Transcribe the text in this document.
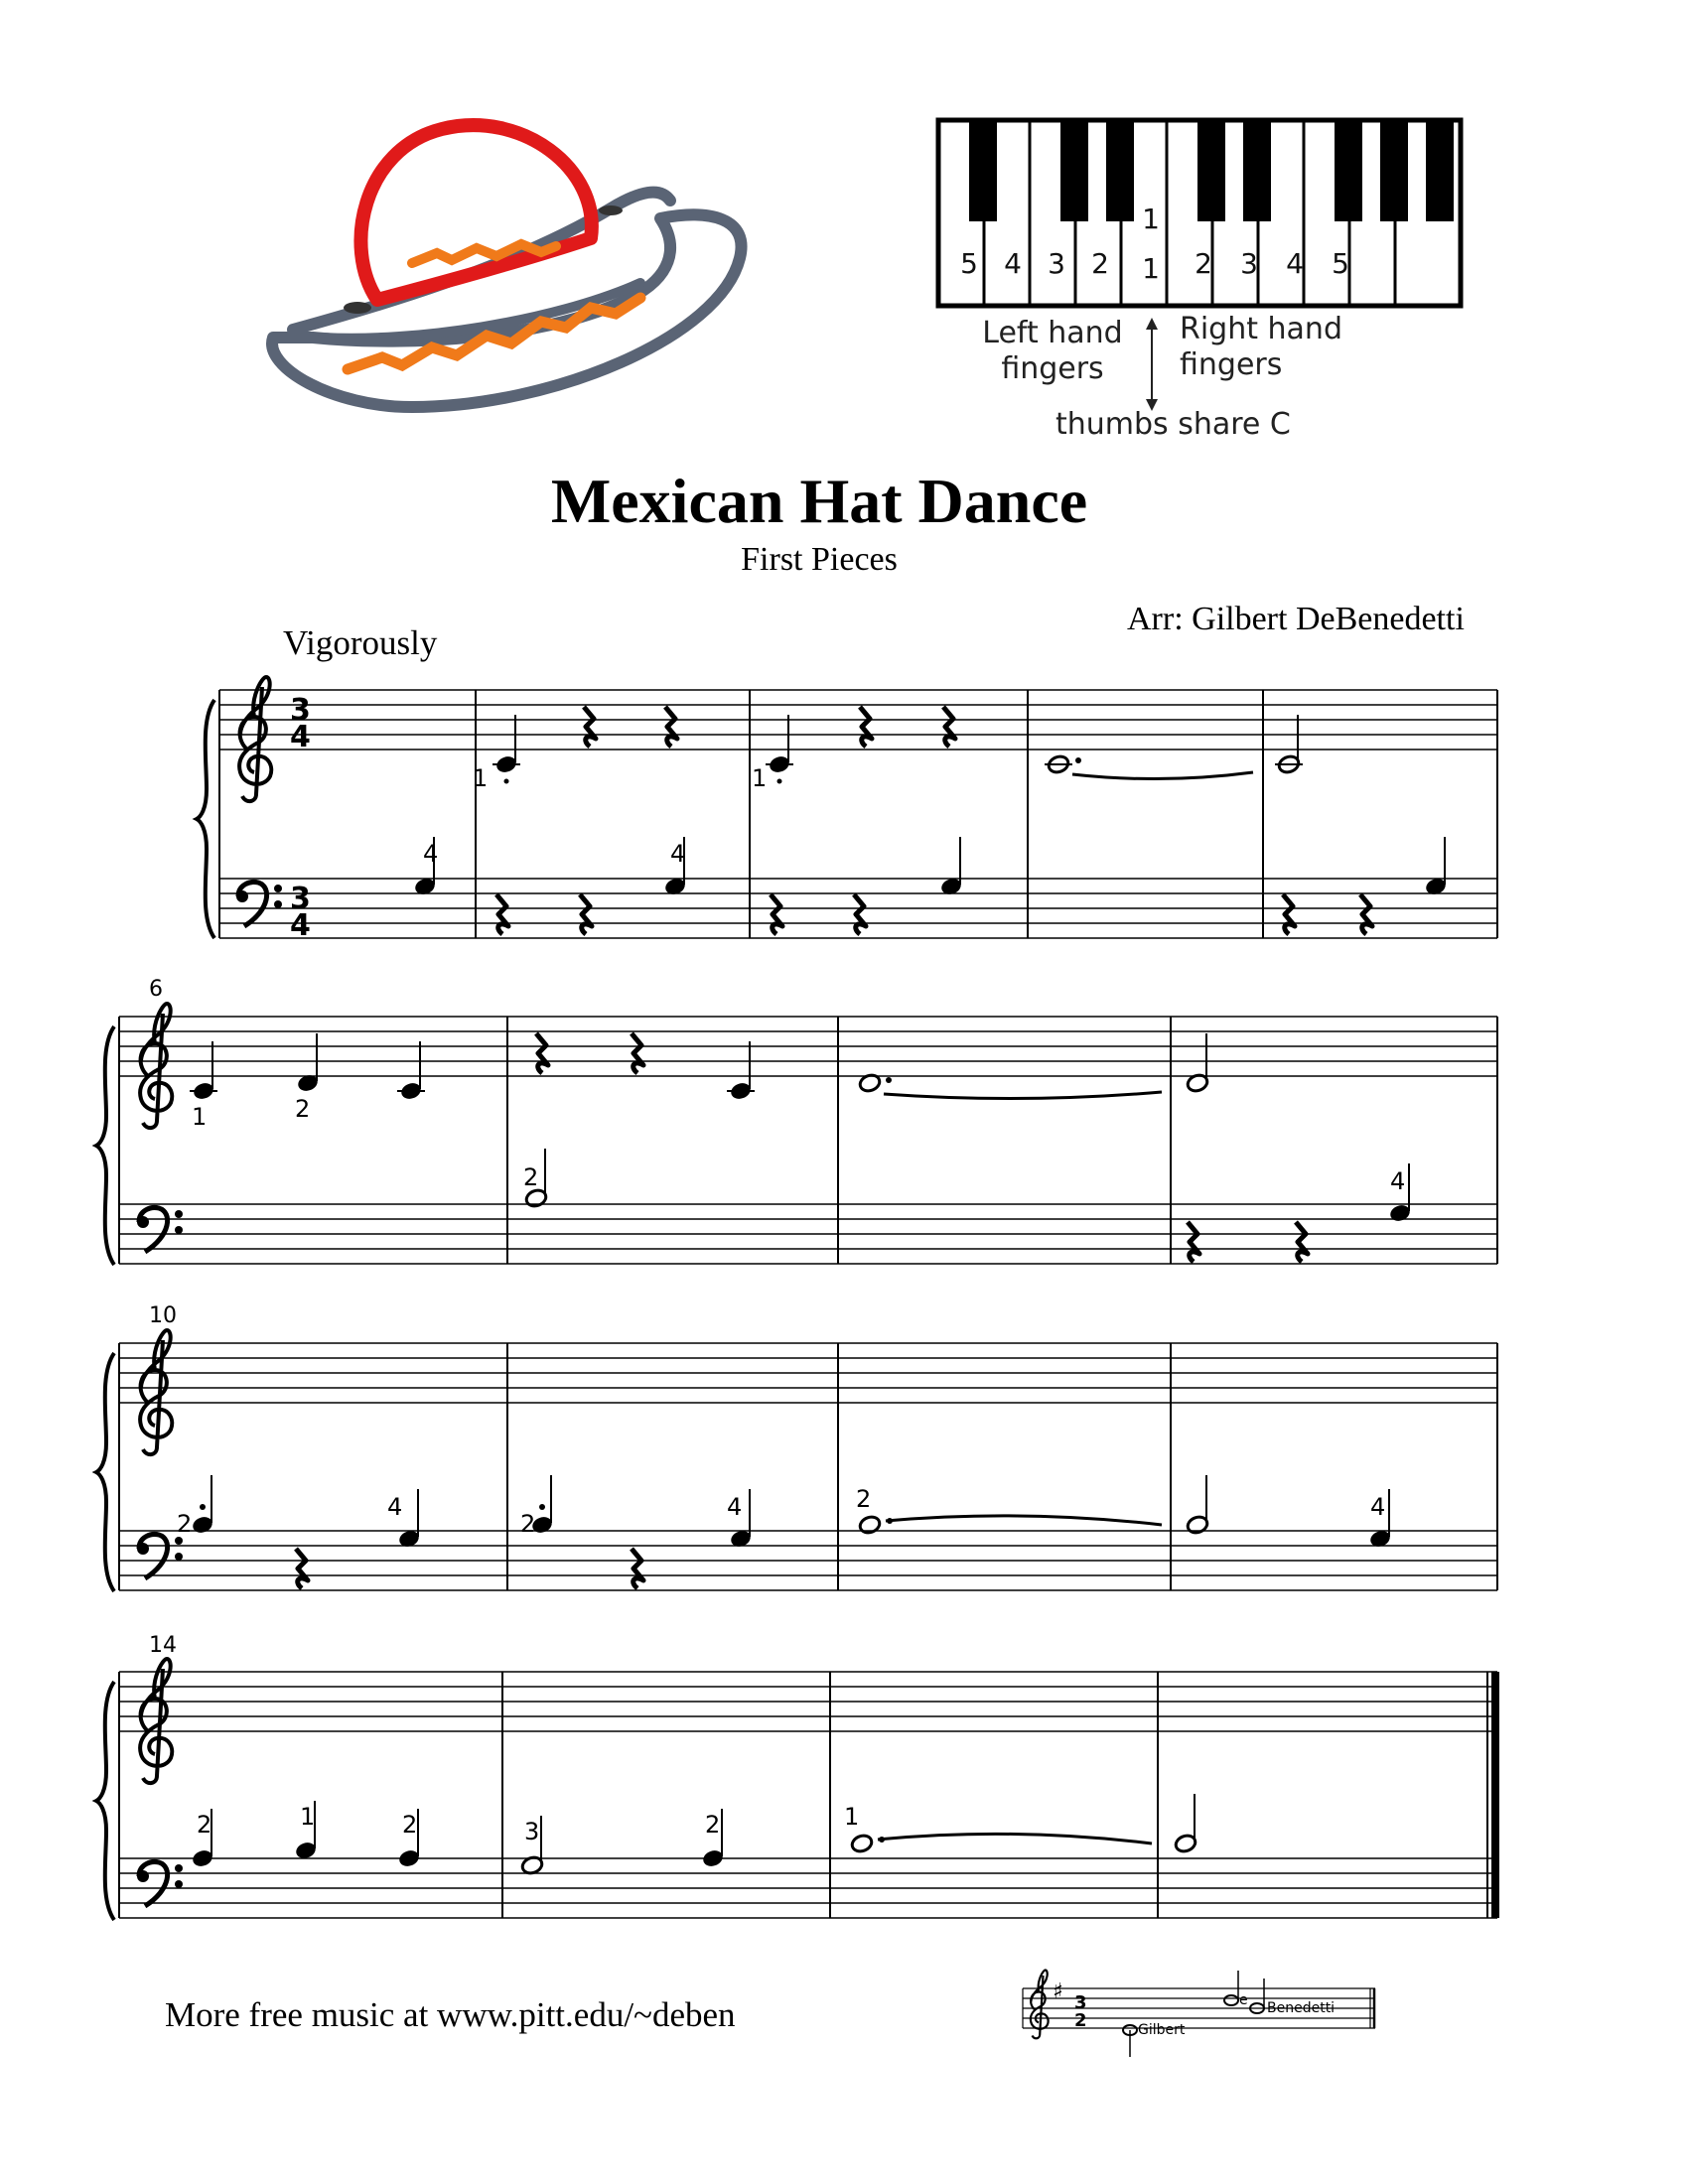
5 4 3 2
1
1 2 3 4 5
Left hand
fingers
Right hand
fingers
thumbs share C
Mexican Hat Dance
First Pieces
Arr: Gilbert DeBenedetti
Vigorously
3
4
3
4
4
1
4
1
6
1	2
2	4
10
2
4
2
4	2	4
14
2	1	2	3	2	1
More free music at www.pitt.edu/~deben
♯ 3
2	Gilbert
e Benedetti
